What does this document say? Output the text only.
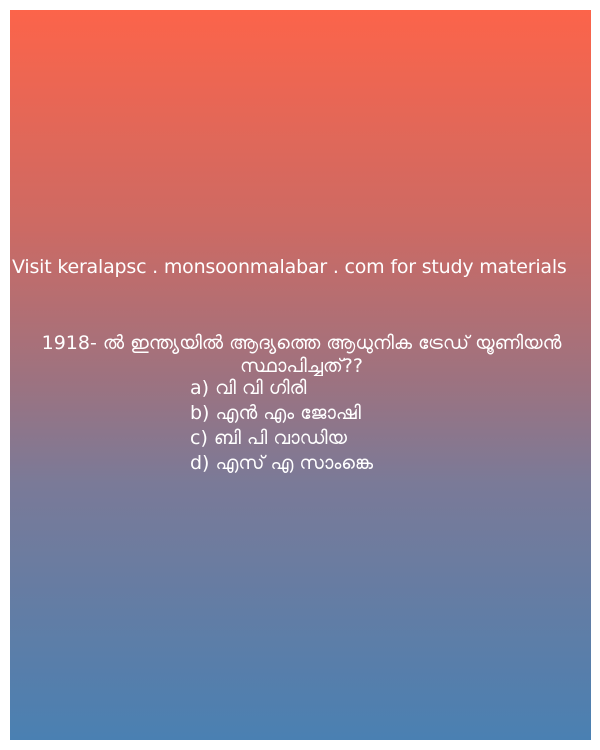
Visit keralapsc . monsoonmalabar . com for study materials
1918- ൽ ഇന്ത്യയിൽ ആദ്യത്തെ ആധുനിക ട്രേഡ് യൂണിയൻ സ്ഥാപിച്ചത്??
a) വി വി ഗിരി
b) എൻ എം ജോഷി
c) ബി പി വാഡിയ
d) എസ് എ സാംങ്കെ
